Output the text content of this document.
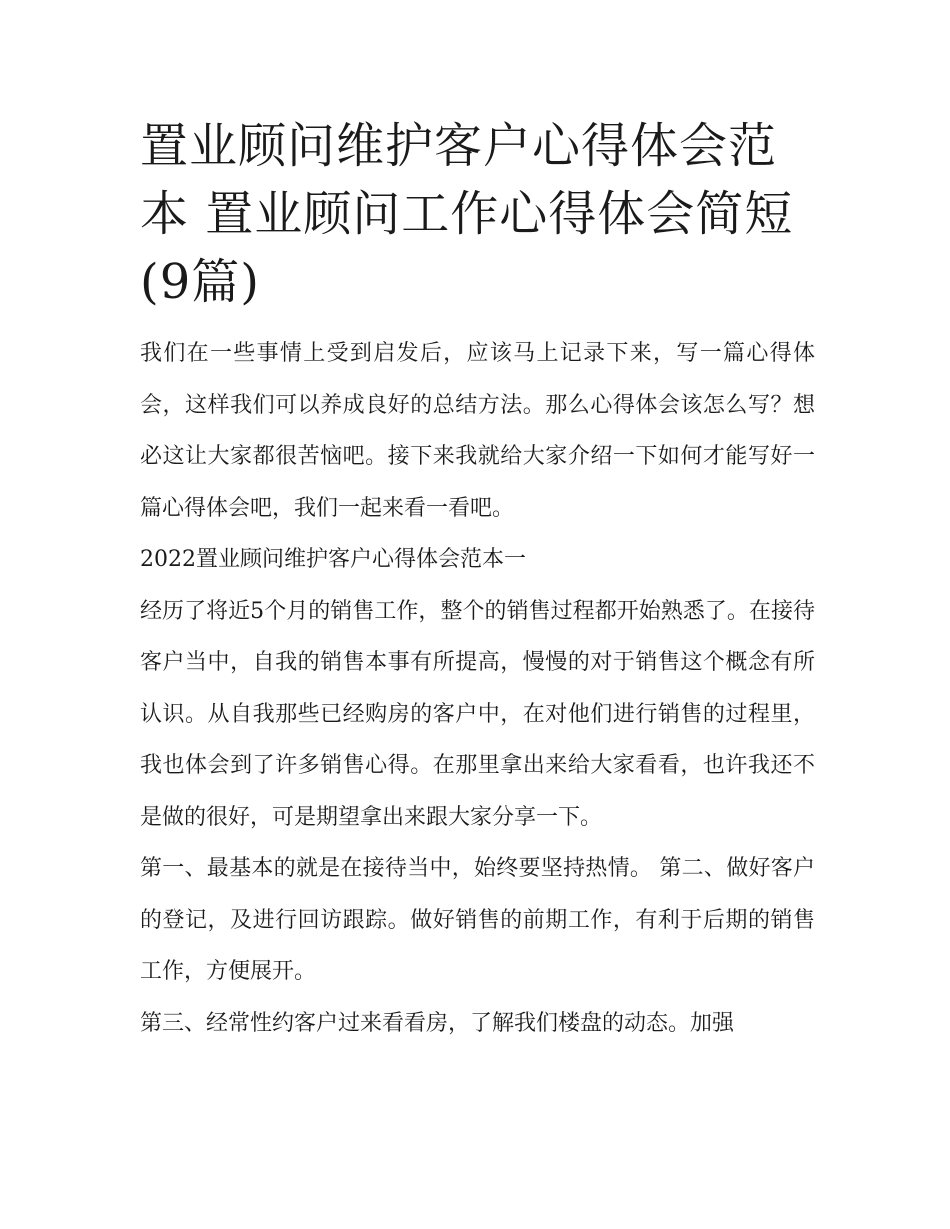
置业顾问维护客户心得体会范本 置业顾问工作心得体会简短(9篇)

我们在一些事情上受到启发后，应该马上记录下来，写一篇心得体会，这样我们可以养成良好的总结方法。那么心得体会该怎么写？想必这让大家都很苦恼吧。接下来我就给大家介绍一下如何才能写好一篇心得体会吧，我们一起来看一看吧。

2022置业顾问维护客户心得体会范本一

经历了将近5个月的销售工作，整个的销售过程都开始熟悉了。在接待客户当中，自我的销售本事有所提高，慢慢的对于销售这个概念有所认识。从自我那些已经购房的客户中，在对他们进行销售的过程里，我也体会到了许多销售心得。在那里拿出来给大家看看，也许我还不是做的很好，可是期望拿出来跟大家分享一下。

第一、最基本的就是在接待当中，始终要坚持热情。 第二、做好客户的登记，及进行回访跟踪。做好销售的前期工作，有利于后期的销售工作，方便展开。

第三、经常性约客户过来看看房，了解我们楼盘的动态。加强
